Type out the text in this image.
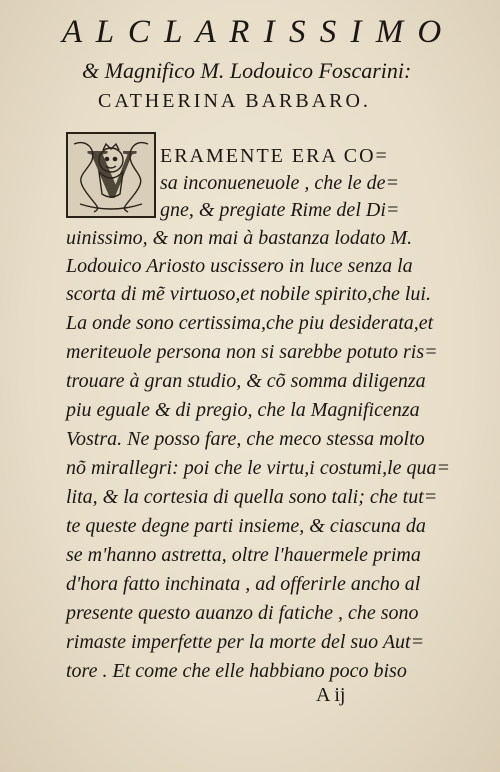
A L C L A R I S S I M O
& Magnifico M. Lodouico Foscarini:
CATHERINA BARBARO.
V	ERAMENTE ERA CO=
sa inconueneuole , che le de=
gne, & pregiate Rime del Di=
uinissimo, & non mai à bastanza lodato M.
Lodouico Ariosto uscissero in luce senza la
scorta di mẽ virtuoso,et nobile spirito,che lui.
La onde sono certissima,che piu desiderata,et
meriteuole persona non si sarebbe potuto ris=
trouare à gran studio, & cõ somma diligenza
piu eguale & di pregio, che la Magnificenza
Vostra. Ne posso fare, che meco stessa molto
nõ mirallegri: poi che le virtu,i costumi,le qua=
lita, & la cortesia di quella sono tali; che tut=
te queste degne parti insieme, & ciascuna da
se m'hanno astretta, oltre l'hauermele prima
d'hora fatto inchinata , ad offerirle ancho al
presente questo auanzo di fatiche , che sono
rimaste imperfette per la morte del suo Aut=
tore . Et come che elle habbiano poco biso
A ij
